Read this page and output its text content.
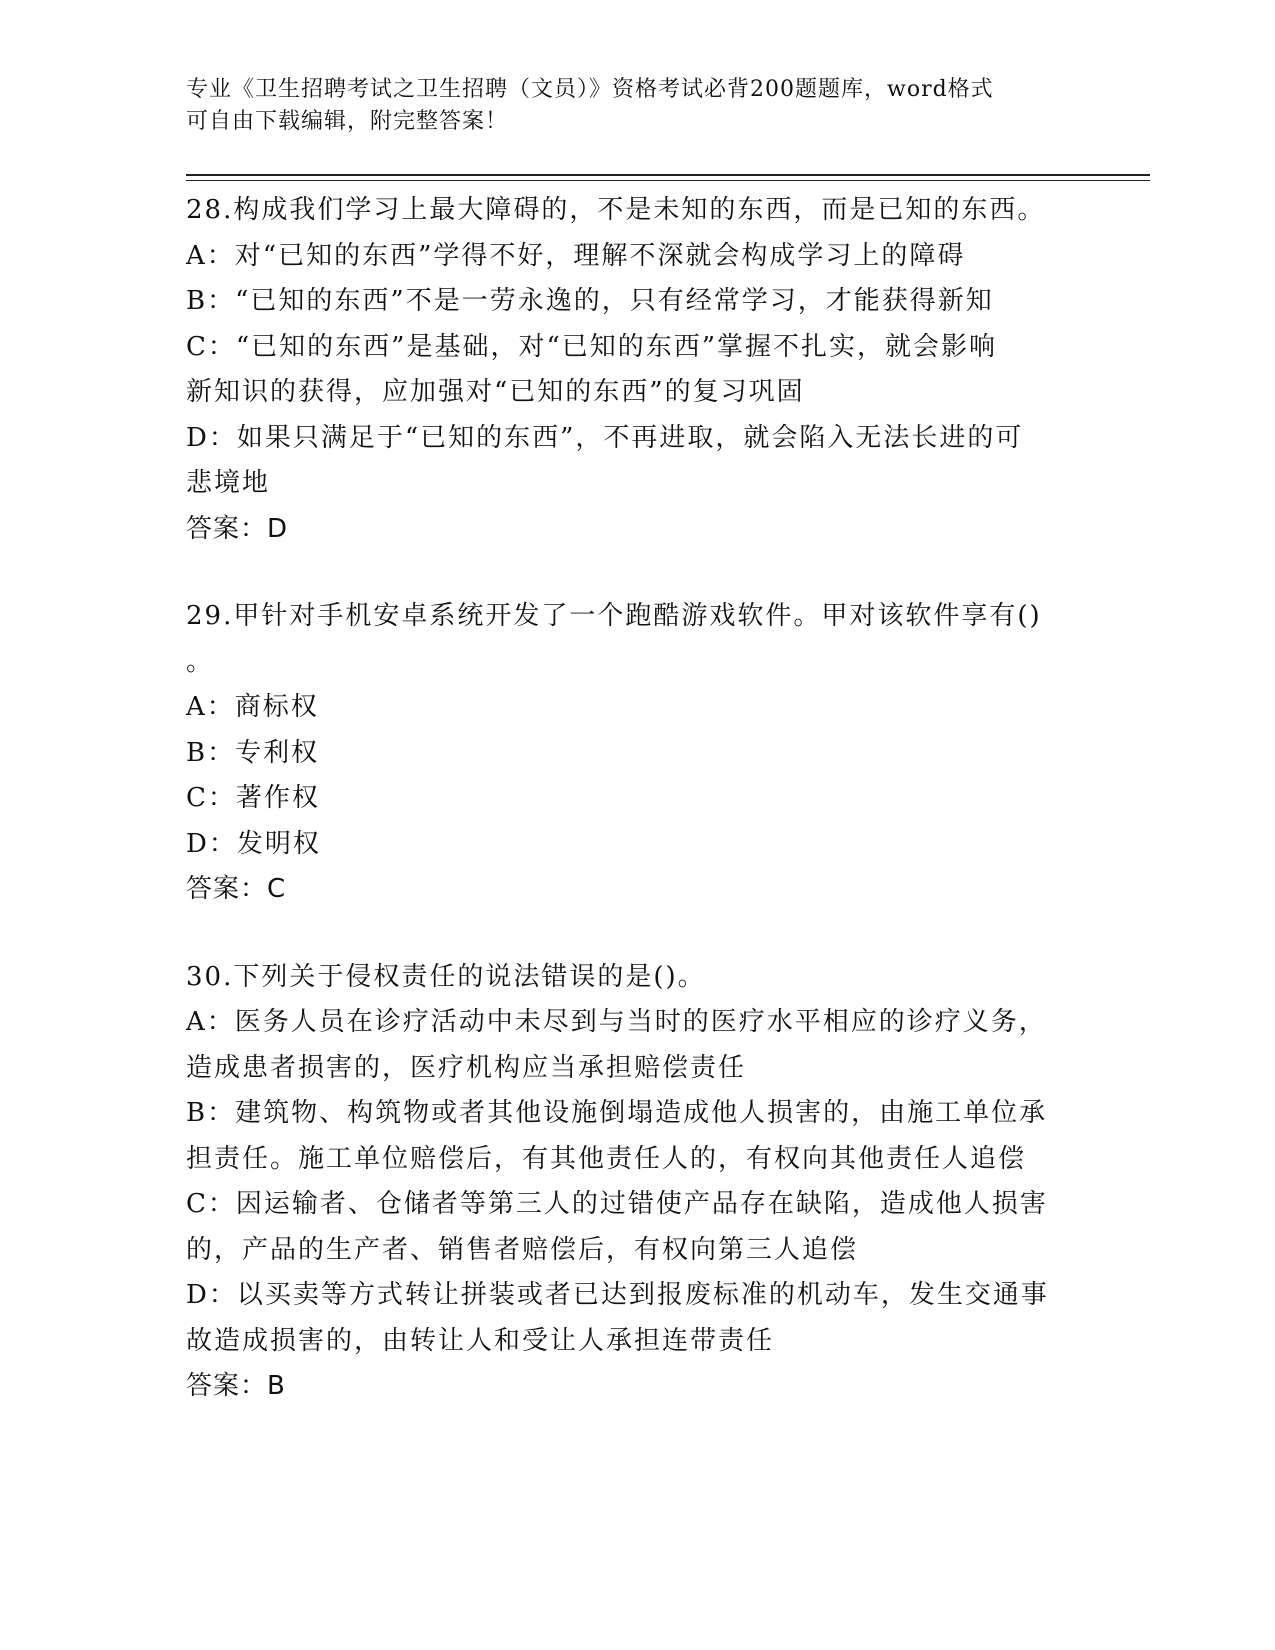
专业《卫生招聘考试之卫生招聘（文员）》资格考试必背200题题库，word格式
可自由下载编辑，附完整答案！
28.构成我们学习上最大障碍的，不是未知的东西，而是已知的东西。
A：对“已知的东西”学得不好，理解不深就会构成学习上的障碍
B：“已知的东西”不是一劳永逸的，只有经常学习，才能获得新知
C：“已知的东西”是基础，对“已知的东西”掌握不扎实，就会影响
新知识的获得，应加强对“已知的东西”的复习巩固
D：如果只满足于“已知的东西”，不再进取，就会陷入无法长进的可
悲境地
答案：D
29.甲针对手机安卓系统开发了一个跑酷游戏软件。甲对该软件享有()
。
A：商标权
B：专利权
C：著作权
D：发明权
答案：C
30.下列关于侵权责任的说法错误的是()。
A：医务人员在诊疗活动中未尽到与当时的医疗水平相应的诊疗义务，
造成患者损害的，医疗机构应当承担赔偿责任
B：建筑物、构筑物或者其他设施倒塌造成他人损害的，由施工单位承
担责任。施工单位赔偿后，有其他责任人的，有权向其他责任人追偿
C：因运输者、仓储者等第三人的过错使产品存在缺陷，造成他人损害
的，产品的生产者、销售者赔偿后，有权向第三人追偿
D：以买卖等方式转让拼装或者已达到报废标准的机动车，发生交通事
故造成损害的，由转让人和受让人承担连带责任
答案：B
